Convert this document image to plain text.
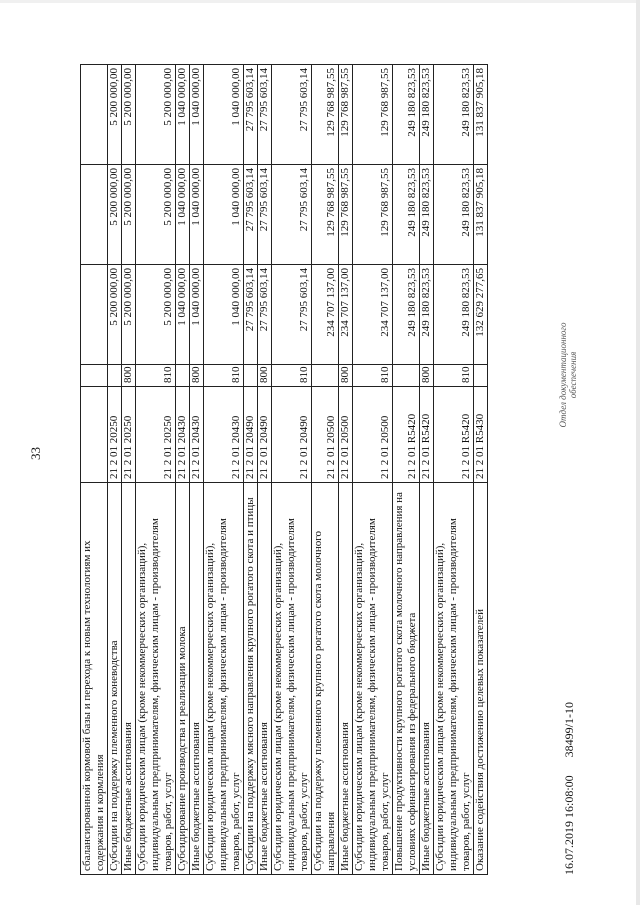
33
сбалансированной кормовой базы и перехода к новым технологиям их содержания и кормления					
Субсидии на поддержку племенного коневодства	21 2 01 20250		5 200 000,00	5 200 000,00	5 200 000,00
Иные бюджетные ассигнования	21 2 01 20250	800	5 200 000,00	5 200 000,00	5 200 000,00
Субсидии юридическим лицам (кроме некоммерческих организаций), индивидуальным предпринимателям, физическим лицам - производителям товаров, работ, услуг	21 2 01 20250	810	5 200 000,00	5 200 000,00	5 200 000,00
Субсидирование производства и реализации молока	21 2 01 20430		1 040 000,00	1 040 000,00	1 040 000,00
Иные бюджетные ассигнования	21 2 01 20430	800	1 040 000,00	1 040 000,00	1 040 000,00
Субсидии юридическим лицам (кроме некоммерческих организаций), индивидуальным предпринимателям, физическим лицам - производителям товаров, работ, услуг	21 2 01 20430	810	1 040 000,00	1 040 000,00	1 040 000,00
Субсидии на поддержку мясного направления крупного рогатого скота и птицы	21 2 01 20490		27 795 603,14	27 795 603,14	27 795 603,14
Иные бюджетные ассигнования	21 2 01 20490	800	27 795 603,14	27 795 603,14	27 795 603,14
Субсидии юридическим лицам (кроме некоммерческих организаций), индивидуальным предпринимателям, физическим лицам - производителям товаров, работ, услуг	21 2 01 20490	810	27 795 603,14	27 795 603,14	27 795 603,14
Субсидии на поддержку племенного крупного рогатого скота молочного направления	21 2 01 20500		234 707 137,00	129 768 987,55	129 768 987,55
Иные бюджетные ассигнования	21 2 01 20500	800	234 707 137,00	129 768 987,55	129 768 987,55
Субсидии юридическим лицам (кроме некоммерческих организаций), индивидуальным предпринимателям, физическим лицам - производителям товаров, работ, услуг	21 2 01 20500	810	234 707 137,00	129 768 987,55	129 768 987,55
Повышение продуктивности крупного рогатого скота молочного направления на условиях софинансирования из федерального бюджета	21 2 01 R5420		249 180 823,53	249 180 823,53	249 180 823,53
Иные бюджетные ассигнования	21 2 01 R5420	800	249 180 823,53	249 180 823,53	249 180 823,53
Субсидии юридическим лицам (кроме некоммерческих организаций), индивидуальным предпринимателям, физическим лицам - производителям товаров, работ, услуг	21 2 01 R5420	810	249 180 823,53	249 180 823,53	249 180 823,53
Оказание содействия достижению целевых показателей	21 2 01 R5430		132 629 277,65	131 837 905,18	131 837 905,18
16.07.2019 16:08:00      38499/1-10
Отдел документационного обеспечения
